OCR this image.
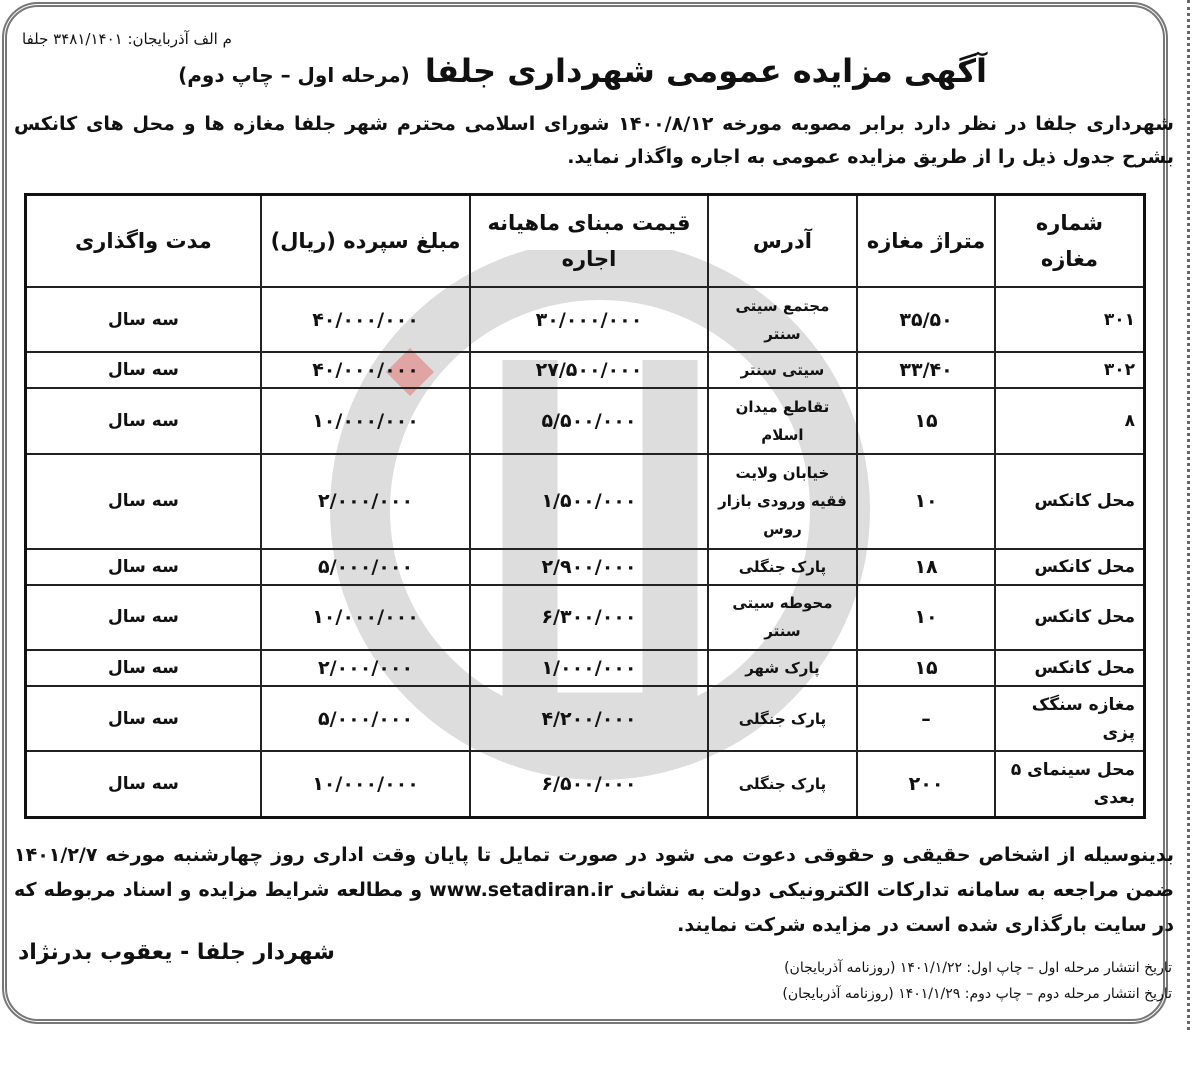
م الف آذربایجان: ۳۴۸۱/۱۴۰۱ جلفا
آگهی مزایده عمومی شهرداری جلفا (مرحله اول – چاپ دوم)
شهرداری جلفا در نظر دارد برابر مصوبه مورخه ۱۴۰۰/۸/۱۲ شورای اسلامی محترم شهر جلفا مغازه ها و محل های کانکس بشرح جدول ذیل را از طریق مزایده عمومی به اجاره واگذار نماید.
شماره مغازه	متراژ مغازه	آدرس	قیمت مبنای ماهیانه اجاره	مبلغ سپرده (ریال)	مدت واگذاری
۳۰۱	۳۵/۵۰	مجتمع سیتی سنتر	۳۰/۰۰۰/۰۰۰	۴۰/۰۰۰/۰۰۰	سه سال
۳۰۲	۳۳/۴۰	سیتی سنتر	۲۷/۵۰۰/۰۰۰	۴۰/۰۰۰/۰۰۰	سه سال
۸	۱۵	تقاطع میدان اسلام	۵/۵۰۰/۰۰۰	۱۰/۰۰۰/۰۰۰	سه سال
محل کانکس	۱۰	خیابان ولایت فقیه ورودی بازار روس	۱/۵۰۰/۰۰۰	۲/۰۰۰/۰۰۰	سه سال
محل کانکس	۱۸	پارک جنگلی	۲/۹۰۰/۰۰۰	۵/۰۰۰/۰۰۰	سه سال
محل کانکس	۱۰	محوطه سیتی سنتر	۶/۳۰۰/۰۰۰	۱۰/۰۰۰/۰۰۰	سه سال
محل کانکس	۱۵	پارک شهر	۱/۰۰۰/۰۰۰	۲/۰۰۰/۰۰۰	سه سال
مغازه سنگک پزی	–	پارک جنگلی	۴/۲۰۰/۰۰۰	۵/۰۰۰/۰۰۰	سه سال
محل سینمای ۵ بعدی	۲۰۰	پارک جنگلی	۶/۵۰۰/۰۰۰	۱۰/۰۰۰/۰۰۰	سه سال
بدینوسیله از اشخاص حقیقی و حقوقی دعوت می شود در صورت تمایل تا پایان وقت اداری روز چهارشنبه مورخه ۱۴۰۱/۲/۷ ضمن مراجعه به سامانه تدارکات الکترونیکی دولت به نشانی www.setadiran.ir و مطالعه شرایط مزایده و اسناد مربوطه که در سایت بارگذاری شده است در مزایده شرکت نمایند.
شهردار جلفا - یعقوب بدرنژاد
تاریخ انتشار مرحله اول – چاپ اول: ۱۴۰۱/۱/۲۲ (روزنامه آذربایجان)
تاریخ انتشار مرحله دوم – چاپ دوم: ۱۴۰۱/۱/۲۹ (روزنامه آذربایجان)
